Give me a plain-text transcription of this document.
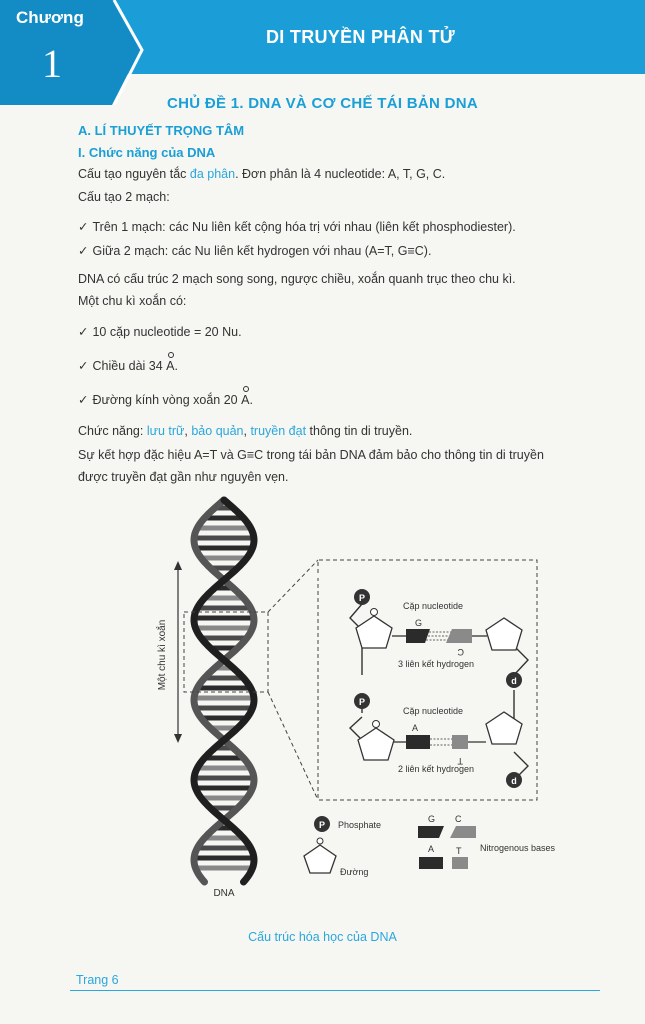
Chương
1
DI TRUYỀN PHÂN TỬ
CHỦ ĐỀ 1. DNA VÀ CƠ CHẾ TÁI BẢN DNA
A. LÍ THUYẾT TRỌNG TÂM
I. Chức năng của DNA
Cấu tạo nguyên tắc đa phân. Đơn phân là 4 nucleotide: A, T, G, C.
Cấu tạo 2 mạch:
✓ Trên 1 mạch: các Nu liên kết cộng hóa trị với nhau (liên kết phosphodiester).
✓ Giữa 2 mạch: các Nu liên kết hydrogen với nhau (A=T, G≡C).
DNA có cấu trúc 2 mạch song song, ngược chiều, xoắn quanh trục theo chu kì.
Một chu kì xoắn có:
✓ 10 cặp nucleotide = 20 Nu.
✓ Chiều dài 34 A.
✓ Đường kính vòng xoắn 20 A.
Chức năng: lưu trữ, bảo quản, truyền đạt thông tin di truyền.
Sự kết hợp đặc hiệu A=T và G≡C trong tái bản DNA đảm bảo cho thông tin di truyền
được truyền đạt gần như nguyên vẹn.
Một chu kì xoắn
DNA
P
P
d
d
Cặp nucleotide
G
C
3 liên kết hydrogen
Cặp nucleotide
A
T
2 liên kết hydrogen
P Phosphate
Đường
G C
A T Nitrogenous bases
Cấu trúc hóa học của DNA
Trang 6
